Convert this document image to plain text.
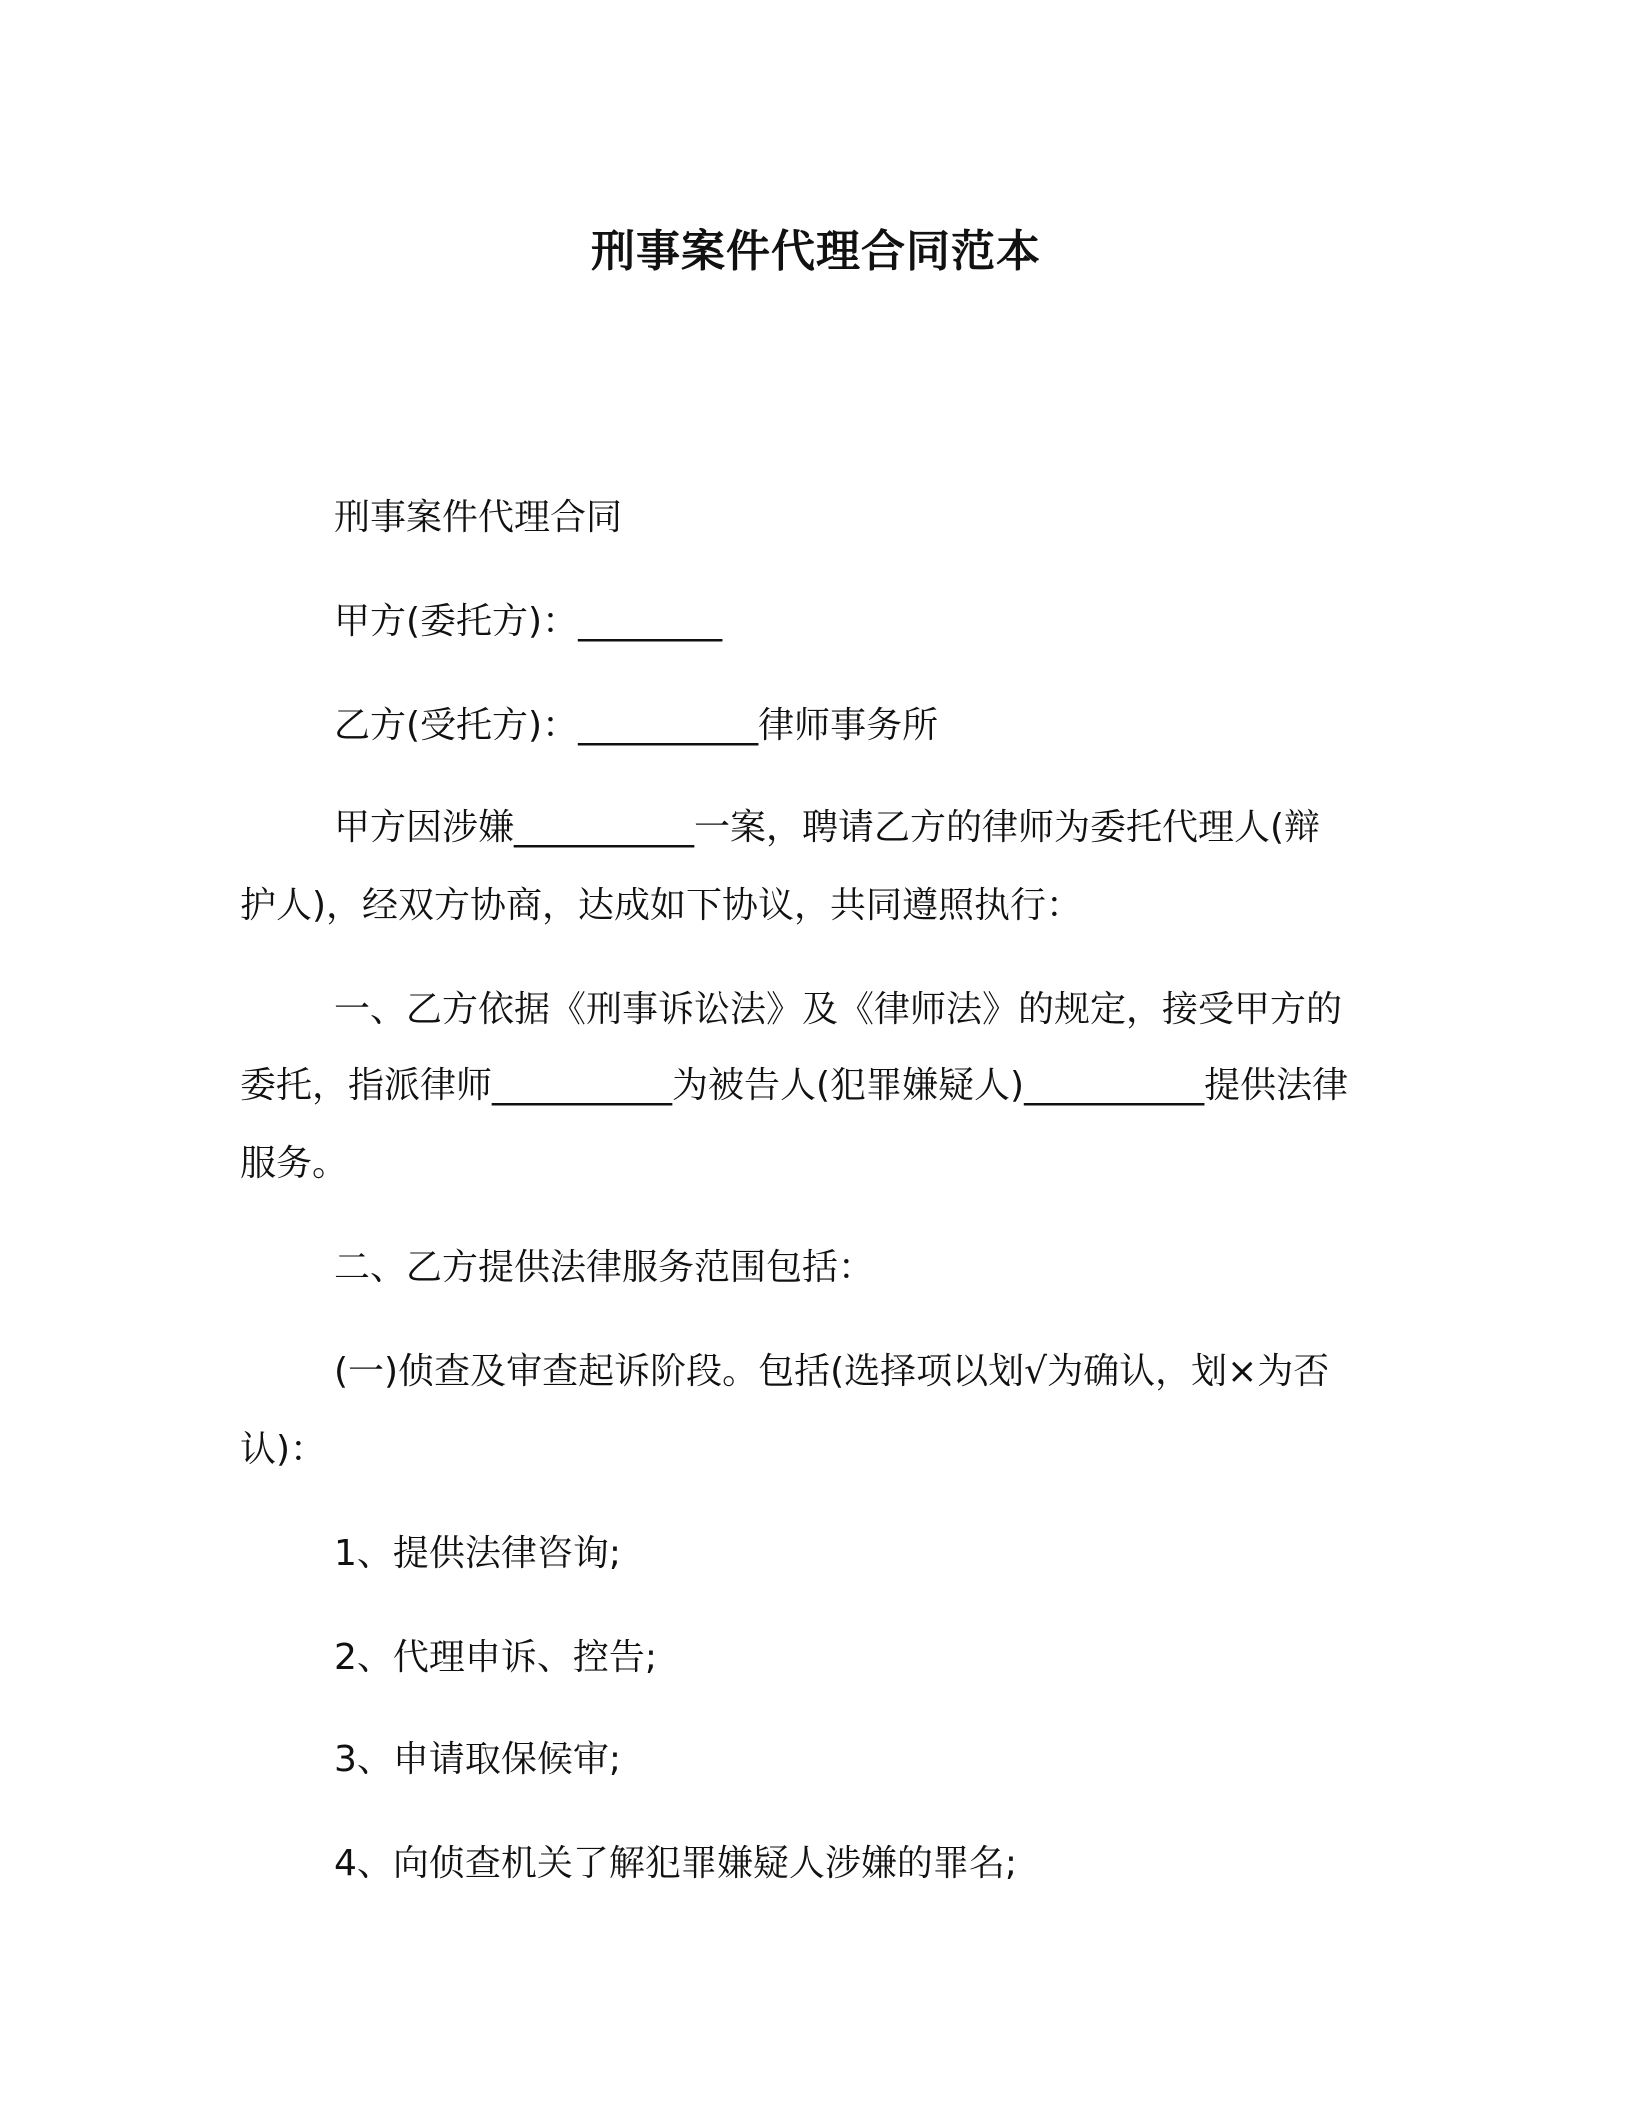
刑事案件代理合同范本

刑事案件代理合同

甲方(委托方)：________

乙方(受托方)：__________律师事务所

甲方因涉嫌__________一案，聘请乙方的律师为委托代理人(辩

护人)，经双方协商，达成如下协议，共同遵照执行：

一、乙方依据《刑事诉讼法》及《律师法》的规定，接受甲方的

委托，指派律师__________为被告人(犯罪嫌疑人)__________提供法律

服务。

二、乙方提供法律服务范围包括：

(一)侦查及审查起诉阶段。包括(选择项以划√为确认，划×为否

认)：

1、提供法律咨询;

2、代理申诉、控告;

3、申请取保候审;

4、向侦查机关了解犯罪嫌疑人涉嫌的罪名;
